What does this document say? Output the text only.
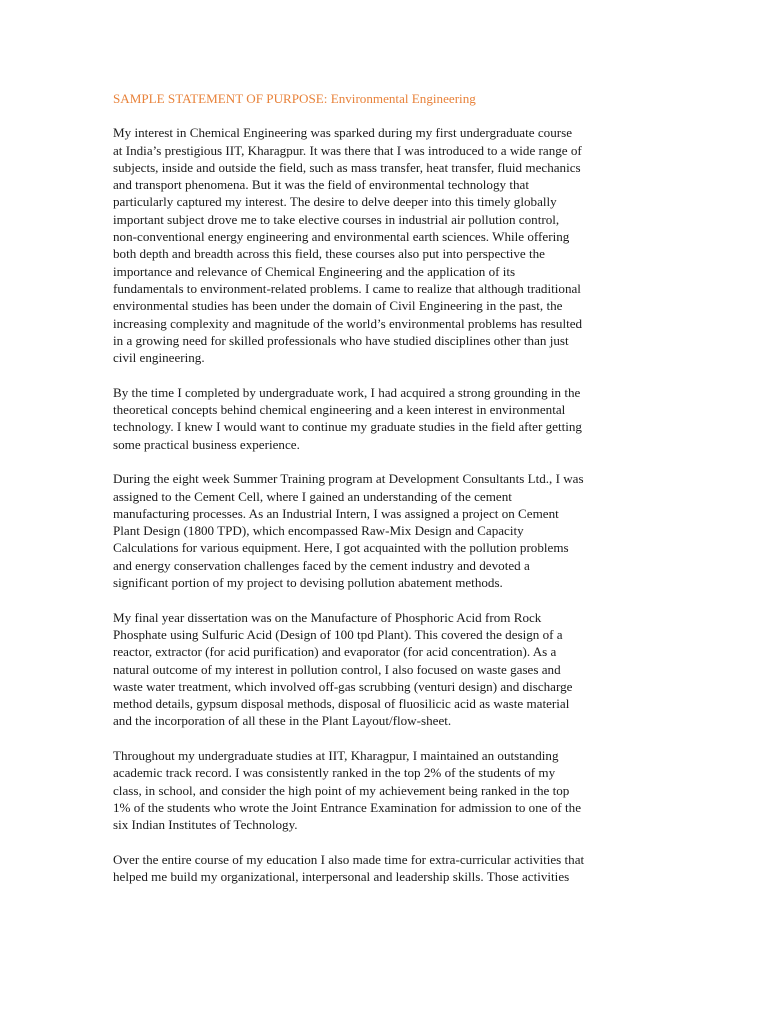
SAMPLE STATEMENT OF PURPOSE: Environmental Engineering
My interest in Chemical Engineering was sparked during my first undergraduate course
at India’s prestigious IIT, Kharagpur. It was there that I was introduced to a wide range of
subjects, inside and outside the field, such as mass transfer, heat transfer, fluid mechanics
and transport phenomena. But it was the field of environmental technology that
particularly captured my interest. The desire to delve deeper into this timely globally
important subject drove me to take elective courses in industrial air pollution control,
non-conventional energy engineering and environmental earth sciences. While offering
both depth and breadth across this field, these courses also put into perspective the
importance and relevance of Chemical Engineering and the application of its
fundamentals to environment-related problems. I came to realize that although traditional
environmental studies has been under the domain of Civil Engineering in the past, the
increasing complexity and magnitude of the world’s environmental problems has resulted
in a growing need for skilled professionals who have studied disciplines other than just
civil engineering.
By the time I completed by undergraduate work, I had acquired a strong grounding in the
theoretical concepts behind chemical engineering and a keen interest in environmental
technology. I knew I would want to continue my graduate studies in the field after getting
some practical business experience.
During the eight week Summer Training program at Development Consultants Ltd., I was
assigned to the Cement Cell, where I gained an understanding of the cement
manufacturing processes. As an Industrial Intern, I was assigned a project on Cement
Plant Design (1800 TPD), which encompassed Raw-Mix Design and Capacity
Calculations for various equipment. Here, I got acquainted with the pollution problems
and energy conservation challenges faced by the cement industry and devoted a
significant portion of my project to devising pollution abatement methods.
My final year dissertation was on the Manufacture of Phosphoric Acid from Rock
Phosphate using Sulfuric Acid (Design of 100 tpd Plant). This covered the design of a
reactor, extractor (for acid purification) and evaporator (for acid concentration). As a
natural outcome of my interest in pollution control, I also focused on waste gases and
waste water treatment, which involved off-gas scrubbing (venturi design) and discharge
method details, gypsum disposal methods, disposal of fluosilicic acid as waste material
and the incorporation of all these in the Plant Layout/flow-sheet.
Throughout my undergraduate studies at IIT, Kharagpur, I maintained an outstanding
academic track record. I was consistently ranked in the top 2% of the students of my
class, in school, and consider the high point of my achievement being ranked in the top
1% of the students who wrote the Joint Entrance Examination for admission to one of the
six Indian Institutes of Technology.
Over the entire course of my education I also made time for extra-curricular activities that
helped me build my organizational, interpersonal and leadership skills. Those activities
